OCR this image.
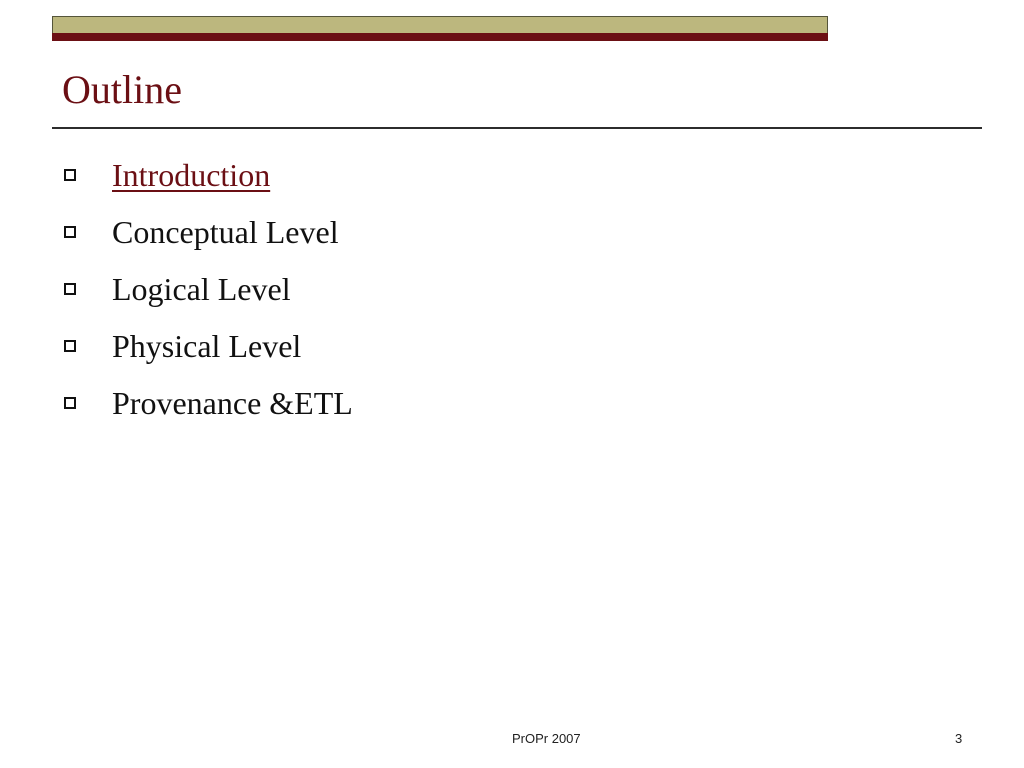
Outline
Introduction
Conceptual Level
Logical Level
Physical Level
Provenance &ETL
PrOPr 2007	3
